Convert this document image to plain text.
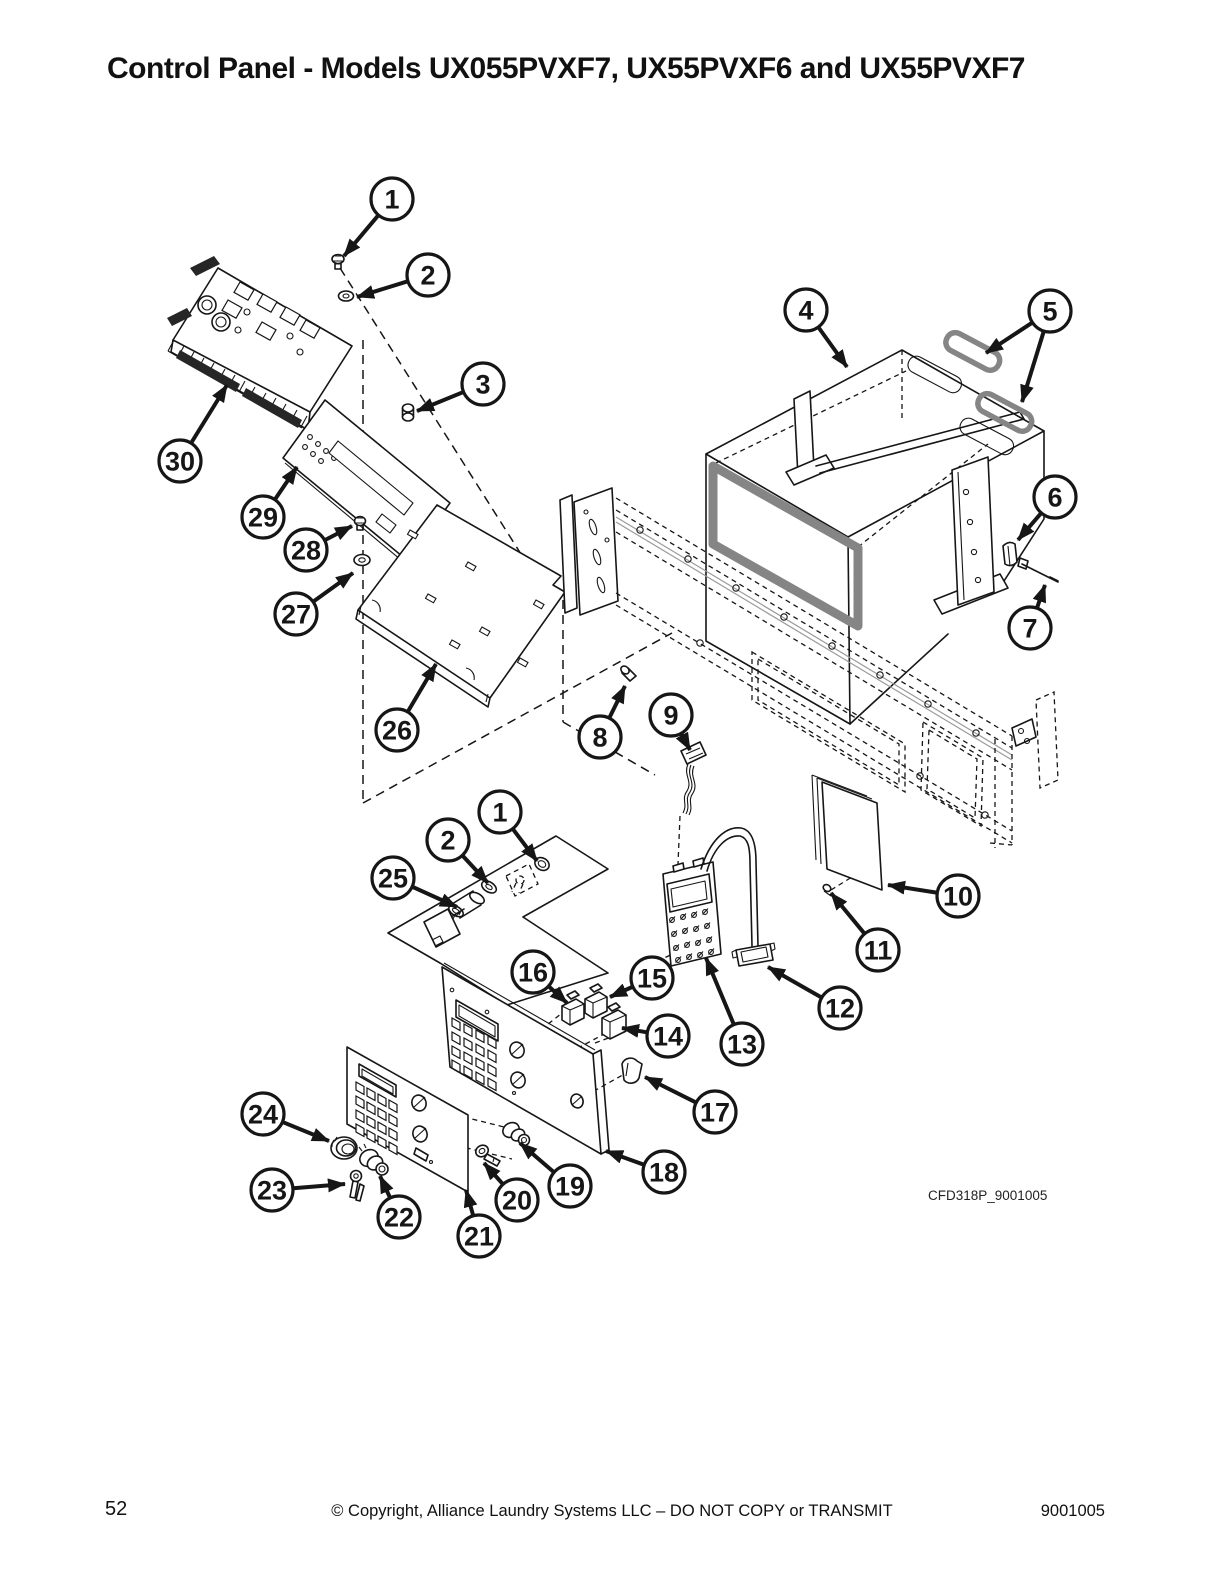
Control Panel - Models UX055PVXF7, UX55PVXF6 and UX55PVXF7
1
2
3
4	5
6
7
8
9
10
11
12
13
14
15
16
17
18
19
20
21
22
23
24
25
1
2
26
27
28
29
30
CFD318P_9001005
52	© Copyright, Alliance Laundry Systems LLC – DO NOT COPY or TRANSMIT	9001005
